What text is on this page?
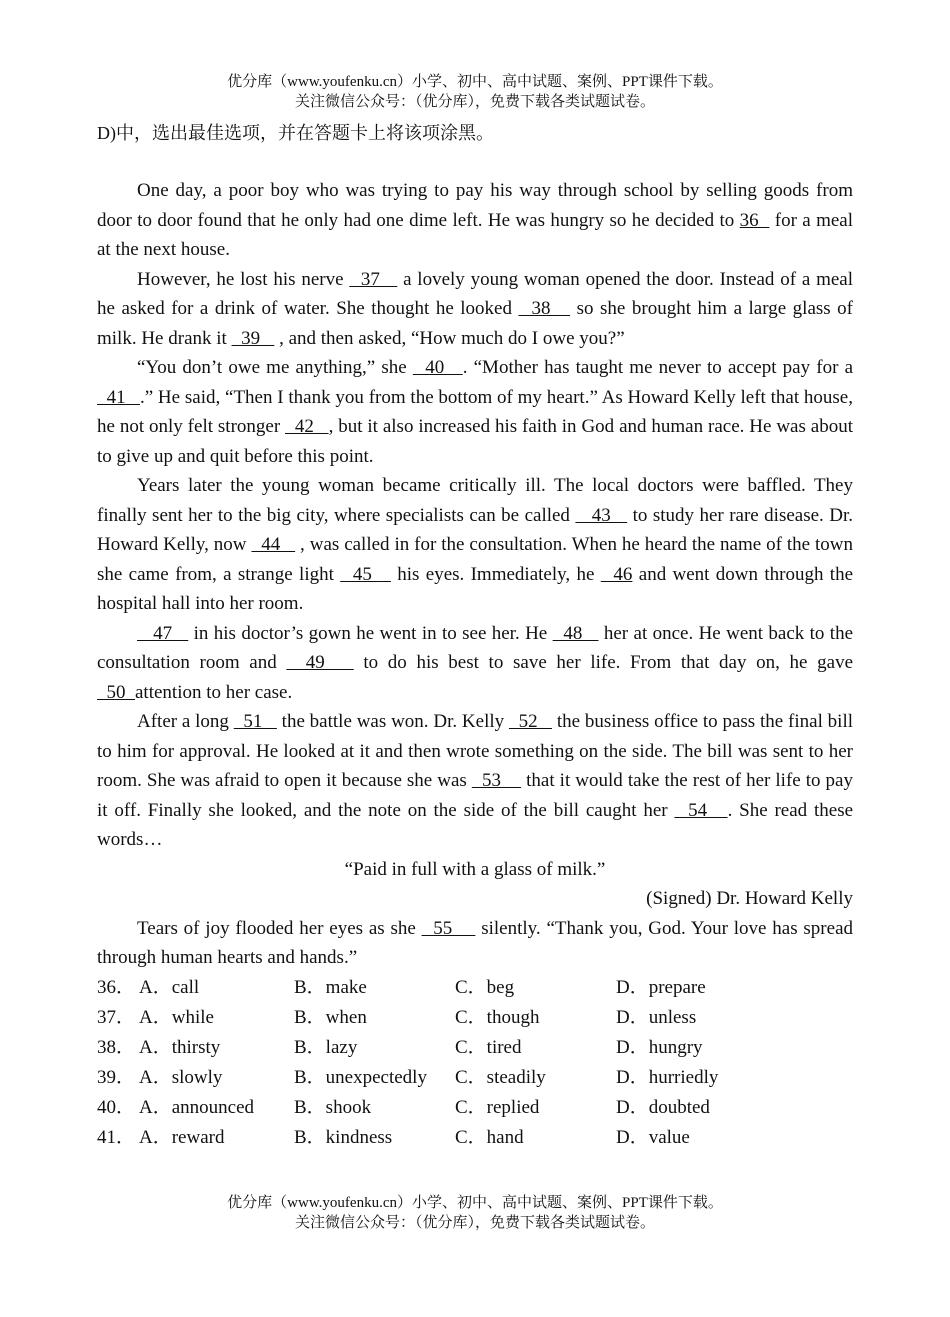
优分库（www.youfenku.cn）小学、初中、高中试题、案例、PPT课件下载。
关注微信公众号：（优分库），免费下载各类试题试卷。
D)中，选出最佳选项，并在答题卡上将该项涂黑。

One day, a poor boy who was trying to pay his way through school by selling goods from door to door found that he only had one dime left. He was hungry so he decided to 36   for a meal at the next house.

However, he lost his nerve   37    a lovely young woman opened the door. Instead of a meal he asked for a drink of water. She thought he looked   38    so she brought him a large glass of milk. He drank it   39    , and then asked, “How much do I owe you?”

“You don’t owe me anything,” she   40   . “Mother has taught me never to accept pay for a   41   .” He said, “Then I thank you from the bottom of my heart.” As Howard Kelly left that house, he not only felt stronger   42   , but it also increased his faith in God and human race. He was about to give up and quit before this point.

Years later the young woman became critically ill. The local doctors were baffled. They finally sent her to the big city, where specialists can be called    43    to study her rare disease. Dr. Howard Kelly, now   44    , was called in for the consultation. When he heard the name of the town she came from, a strange light   45    his eyes. Immediately, he   46 and went down through the hospital hall into her room.

47    in his doctor’s gown he went in to see her. He   48    her at once. He went back to the consultation room and   49    to do his best to save her life. From that day on, he gave   50  attention to her case.

After a long   51    the battle was won. Dr. Kelly   52    the business office to pass the final bill to him for approval. He looked at it and then wrote something on the side. The bill was sent to her room. She was afraid to open it because she was   53     that it would take the rest of her life to pay it off. Finally she looked, and the note on the side of the bill caught her   54   . She read these words…

“Paid in full with a glass of milk.”

(Signed) Dr. Howard Kelly

Tears of joy flooded her eyes as she   55     silently. “Thank you, God. Your love has spread through human hearts and hands.”

36． A．call	B．make	C．beg	D．prepare
37． A．while	B．when	C．though	D．unless
38． A．thirsty	B．lazy	C．tired	D．hungry
39． A．slowly	B．unexpectedly	C．steadily	D．hurriedly
40． A．announced	B．shook	C．replied	D．doubted
41． A．reward	B．kindness	C．hand	D．value
优分库（www.youfenku.cn）小学、初中、高中试题、案例、PPT课件下载。
关注微信公众号：（优分库），免费下载各类试题试卷。
